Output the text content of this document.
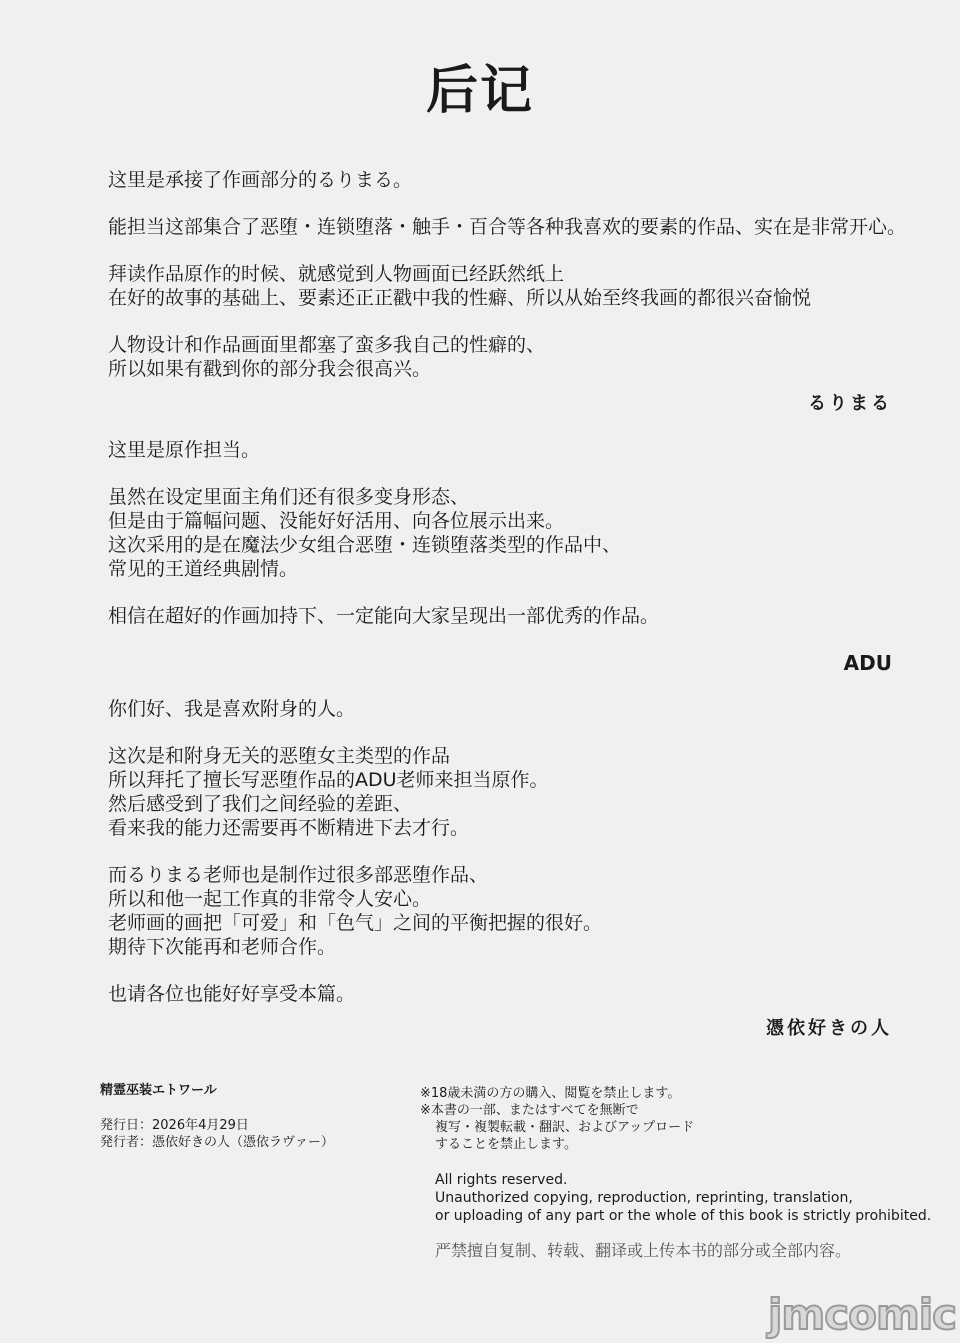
后记
这里是承接了作画部分的るりまる。
能担当这部集合了恶堕・连锁堕落・触手・百合等各种我喜欢的要素的作品、实在是非常开心。
拜读作品原作的时候、就感觉到人物画面已经跃然纸上
在好的故事的基础上、要素还正正戳中我的性癖、所以从始至终我画的都很兴奋愉悦
人物设计和作品画面里都塞了蛮多我自己的性癖的、
所以如果有戳到你的部分我会很高兴。
るりまる
这里是原作担当。
虽然在设定里面主角们还有很多变身形态、
但是由于篇幅问题、没能好好活用、向各位展示出来。
这次采用的是在魔法少女组合恶堕・连锁堕落类型的作品中、
常见的王道经典剧情。
相信在超好的作画加持下、一定能向大家呈现出一部优秀的作品。
ADU
你们好、我是喜欢附身的人。
这次是和附身无关的恶堕女主类型的作品
所以拜托了擅长写恶堕作品的ADU老师来担当原作。
然后感受到了我们之间经验的差距、
看来我的能力还需要再不断精进下去才行。
而るりまる老师也是制作过很多部恶堕作品、
所以和他一起工作真的非常令人安心。
老师画的画把「可爱」和「色气」之间的平衡把握的很好。
期待下次能再和老师合作。
也请各位也能好好享受本篇。
憑依好きの人
精霊巫装エトワール
発行日：2026年4月29日
発行者：憑依好きの人（憑依ラヴァー）
※18歳未満の方の購入、閲覧を禁止します。
※本書の一部、またはすべてを無断で
複写・複製転載・翻訳、およびアップロード
することを禁止します。
All rights reserved.
Unauthorized copying, reproduction, reprinting, translation,
or uploading of any part or the whole of this book is strictly prohibited.
严禁擅自复制、转载、翻译或上传本书的部分或全部内容。
jmcomic
